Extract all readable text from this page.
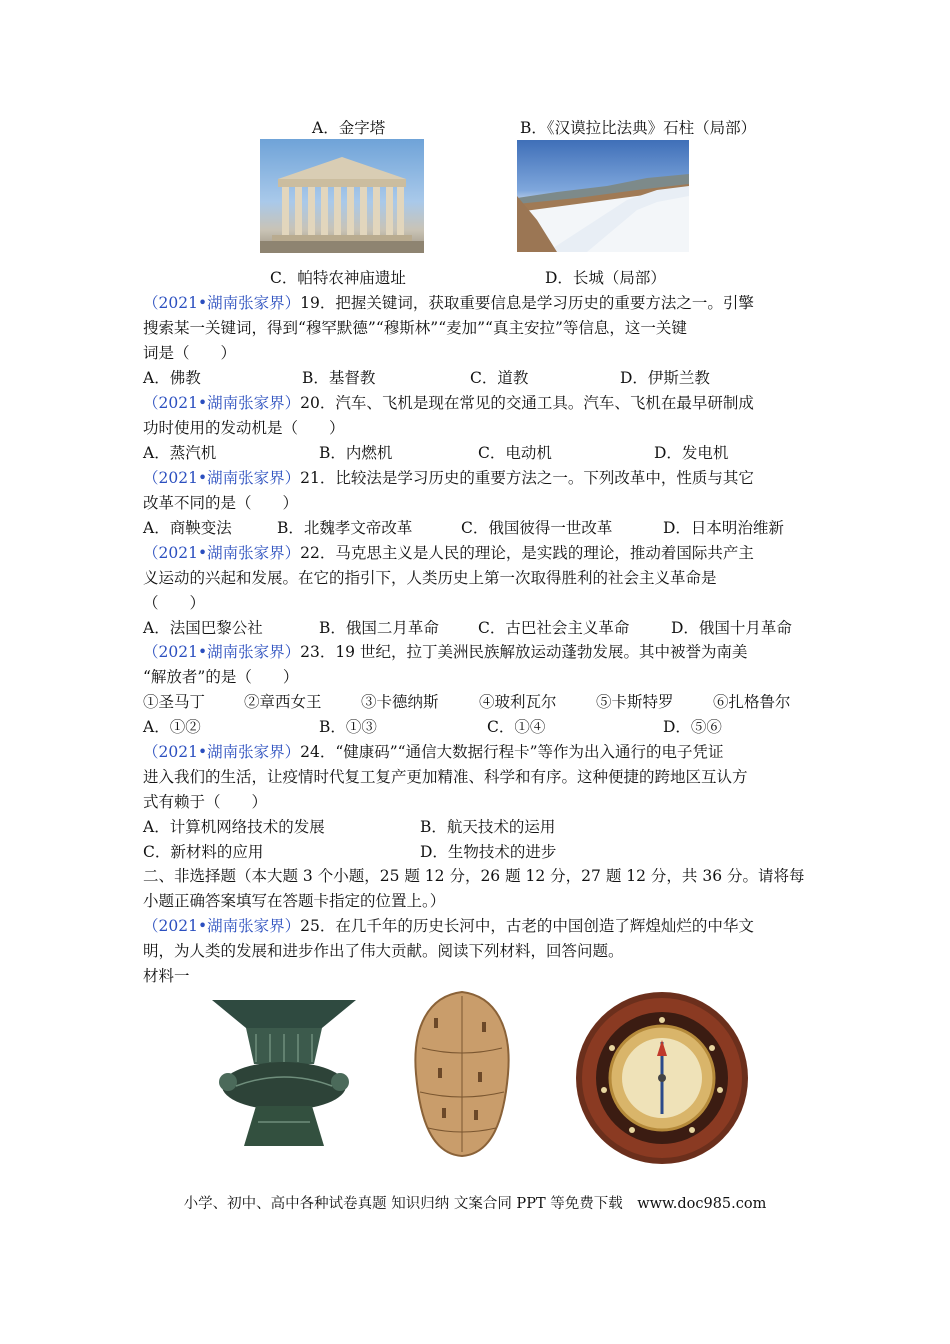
A．金字塔	B．《汉谟拉比法典》石柱（局部）
C．帕特农神庙遗址	D．长城（局部）
（2021•湖南张家界）19．把握关键词，获取重要信息是学习历史的重要方法之一。引擎
搜索某一关键词，得到“穆罕默德”“穆斯林”“麦加”“真主安拉”等信息，这一关键
词是（　　）
A．佛教	B．基督教	C．道教	D．伊斯兰教
（2021•湖南张家界）20．汽车、飞机是现在常见的交通工具。汽车、飞机在最早研制成
功时使用的发动机是（　　）
A．蒸汽机	B．内燃机	C．电动机	D．发电机
（2021•湖南张家界）21．比较法是学习历史的重要方法之一。下列改革中，性质与其它
改革不同的是（　　）
A．商鞅变法	B．北魏孝文帝改革	C．俄国彼得一世改革	D．日本明治维新
（2021•湖南张家界）22．马克思主义是人民的理论，是实践的理论，推动着国际共产主
义运动的兴起和发展。在它的指引下，人类历史上第一次取得胜利的社会主义革命是
（　　）
A．法国巴黎公社	B．俄国二月革命	C．古巴社会主义革命	D．俄国十月革命
（2021•湖南张家界）23．19 世纪，拉丁美洲民族解放运动蓬勃发展。其中被誉为南美
“解放者”的是（　　）
①圣马丁	②章西女王	③卡德纳斯	④玻利瓦尔	⑤卡斯特罗	⑥扎格鲁尔
A．①②	B．①③	C．①④	D．⑤⑥
（2021•湖南张家界）24．“健康码”“通信大数据行程卡”等作为出入通行的电子凭证
进入我们的生活，让疫情时代复工复产更加精准、科学和有序。这种便捷的跨地区互认方
式有赖于（　　）
A．计算机网络技术的发展	B．航天技术的运用
C．新材料的应用	D．生物技术的进步
二、非选择题（本大题 3 个小题，25 题 12 分，26 题 12 分，27 题 12 分，共 36 分。请将每
小题正确答案填写在答题卡指定的位置上。）
（2021•湖南张家界）25．在几千年的历史长河中，古老的中国创造了辉煌灿烂的中华文
明，为人类的发展和进步作出了伟大贡献。阅读下列材料，回答问题。
材料一
小学、初中、高中各种试卷真题 知识归纳 文案合同 PPT 等免费下载　www.doc985.com
